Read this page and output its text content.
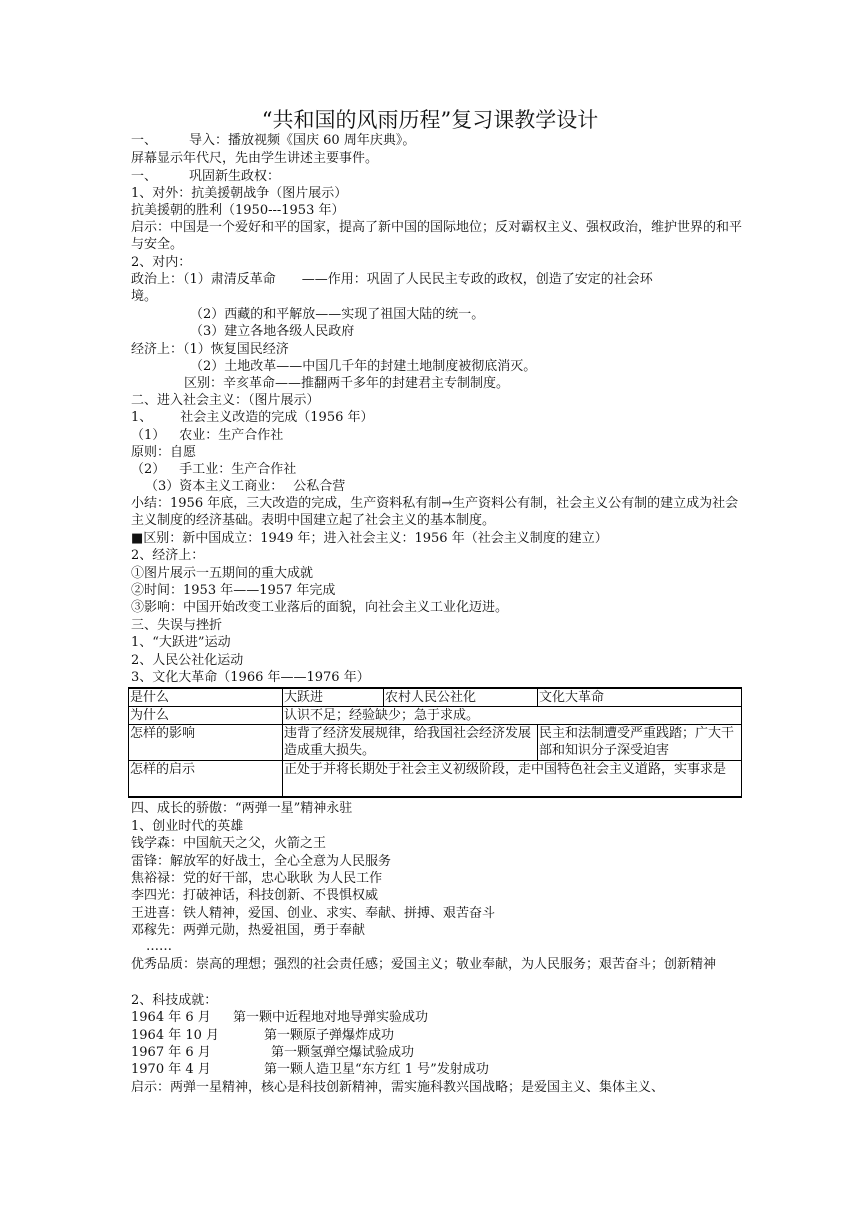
“共和国的风雨历程”复习课教学设计
一、 导入：播放视频《国庆 60 周年庆典》。
屏幕显示年代尺，先由学生讲述主要事件。
一、 巩固新生政权：
1、对外：抗美援朝战争（图片展示）
抗美援朝的胜利（1950---1953 年）
启示：中国是一个爱好和平的国家，提高了新中国的国际地位；反对霸权主义、强权政治，维护世界的和平与安全。
2、对内：
政治上：（1）肃清反革命 ——作用：巩固了人民民主专政的政权，创造了安定的社会环
境。
（2）西藏的和平解放——实现了祖国大陆的统一。
（3）建立各地各级人民政府
经济上：（1）恢复国民经济
（2）土地改革——中国几千年的封建土地制度被彻底消灭。
区别：辛亥革命——推翻两千多年的封建君主专制制度。
二、进入社会主义：（图片展示）
1、 社会主义改造的完成（1956 年）
（1） 农业：生产合作社
原则：自愿
（2） 手工业：生产合作社
（3）资本主义工商业： 公私合营
小结：1956 年底，三大改造的完成，生产资料私有制→生产资料公有制，社会主义公有制的建立成为社会主义制度的经济基础。表明中国建立起了社会主义的基本制度。
■区别：新中国成立：1949 年；进入社会主义：1956 年（社会主义制度的建立）
2、经济上：
①图片展示一五期间的重大成就
②时间：1953 年——1957 年完成
③影响：中国开始改变工业落后的面貌，向社会主义工业化迈进。
三、失误与挫折
1、“大跃进”运动
2、人民公社化运动
3、文化大革命（1966 年——1976 年）
是什么	大跃进	农村人民公社化	文化大革命
为什么	认识不足；经验缺少；急于求成。		
怎样的影响	违背了经济发展规律，给我国社会经济发展造成重大损失。		民主和法制遭受严重践踏；广大干部和知识分子深受迫害
怎样的启示	正处于并将长期处于社会主义初级阶段，走中国特色社会主义道路，实事求是		
四、成长的骄傲：“两弹一星”精神永驻
1、创业时代的英雄
钱学森：中国航天之父，火箭之王
雷锋：解放军的好战士，全心全意为人民服务
焦裕禄：党的好干部，忠心耿耿 为人民工作
李四光：打破神话，科技创新、不畏惧权威
王进喜：铁人精神，爱国、创业、求实、奉献、拼搏、艰苦奋斗
邓稼先：两弹元勋，热爱祖国，勇于奉献
……
优秀品质：崇高的理想；强烈的社会责任感；爱国主义；敬业奉献，为人民服务；艰苦奋斗；创新精神
2、科技成就：
1964 年 6 月 第一颗中近程地对地导弹实验成功
1964 年 10 月	第一颗原子弹爆炸成功
1967 年 6 月	第一颗氢弹空爆试验成功
1970 年 4 月	第一颗人造卫星“东方红 1 号”发射成功
启示：两弹一星精神，核心是科技创新精神，需实施科教兴国战略；是爱国主义、集体主义、
